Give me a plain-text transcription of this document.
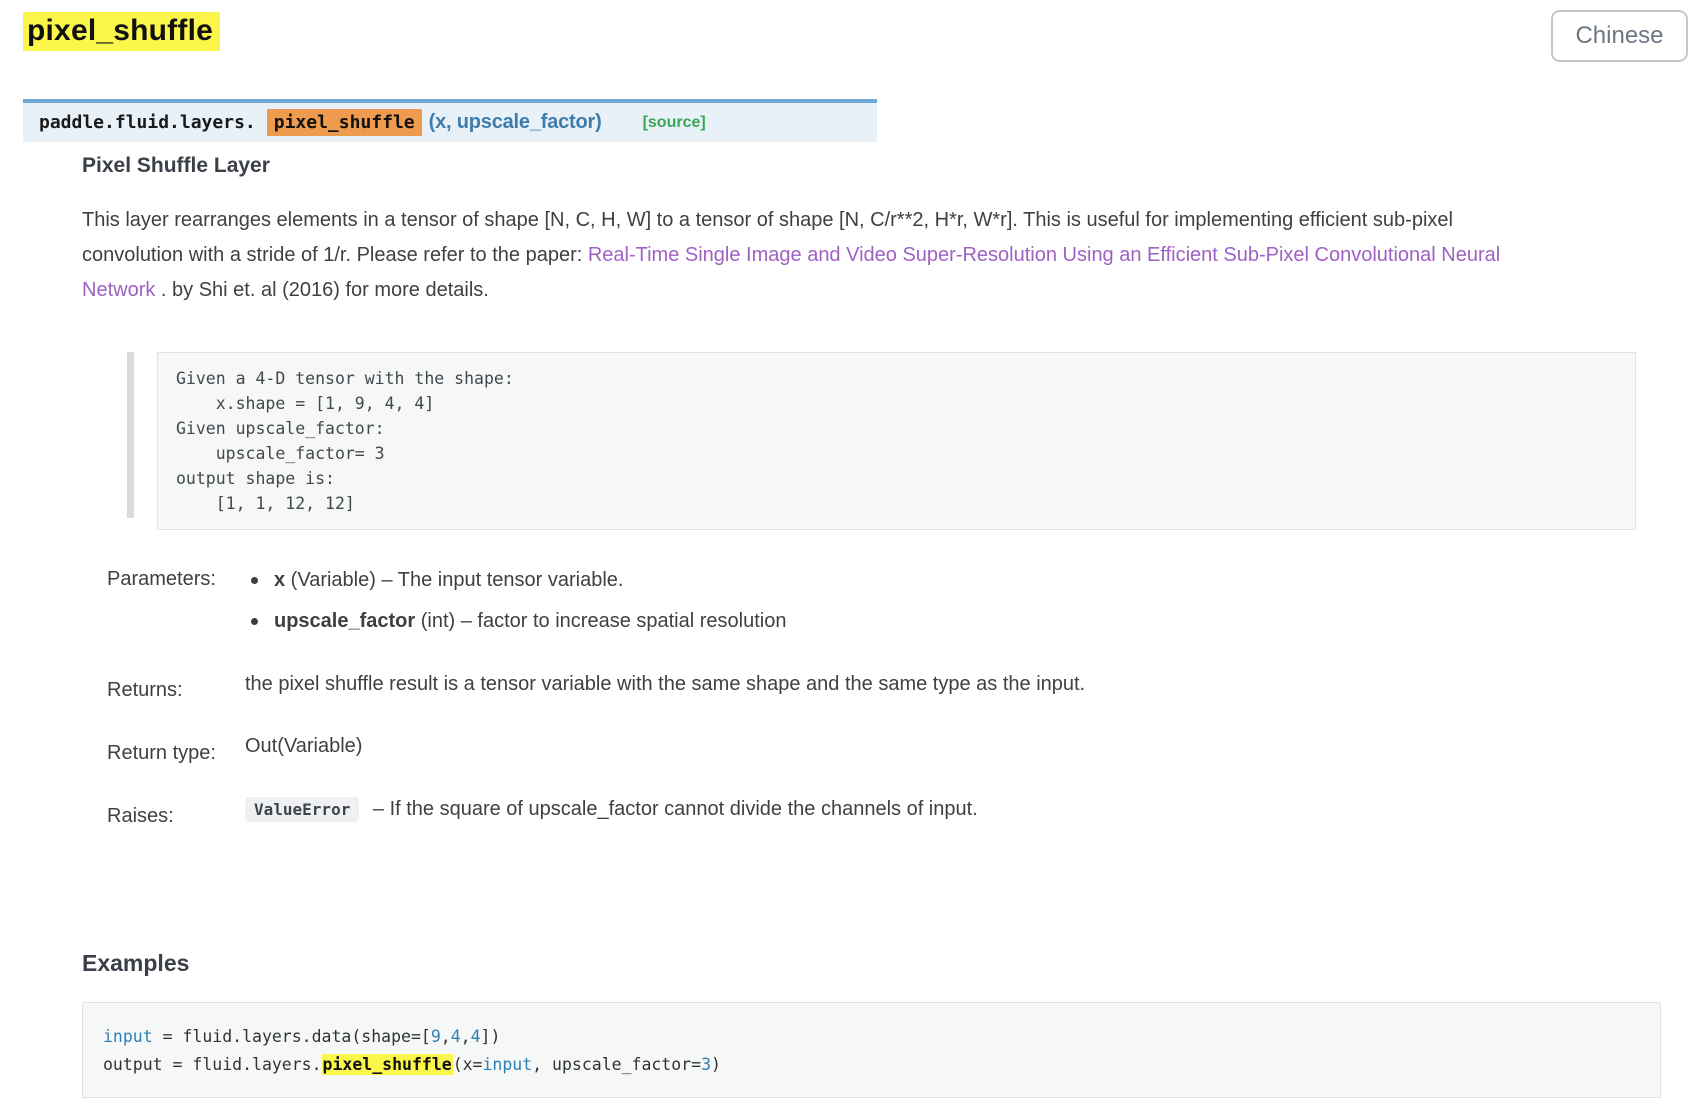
pixel_shuffle	Chinese
paddle.fluid.layers.	pixel_shuffle (x, upscale_factor)	[source]
Pixel Shuffle Layer

This layer rearranges elements in a tensor of shape [N, C, H, W] to a tensor of shape [N, C/r**2, H*r, W*r]. This is useful for implementing efficient sub-pixel convolution with a stride of 1/r. Please refer to the paper: Real-Time Single Image and Video Super-Resolution Using an Efficient Sub-Pixel Convolutional Neural Network . by Shi et. al (2016) for more details.

Given a 4-D tensor with the shape:
x.shape = [1, 9, 4, 4]
Given upscale_factor:
upscale_factor= 3
output shape is:
[1, 1, 12, 12]
Parameters:	x (Variable) – The input tensor variable.
upscale_factor (int) – factor to increase spatial resolution
Returns:	the pixel shuffle result is a tensor variable with the same shape and the same type as the input.
Return type: Out(Variable)
Raises:	ValueError – If the square of upscale_factor cannot divide the channels of input.
Examples
input = fluid.layers.data(shape=[9,4,4])
output = fluid.layers.pixel_shuffle(x=input, upscale_factor=3)
